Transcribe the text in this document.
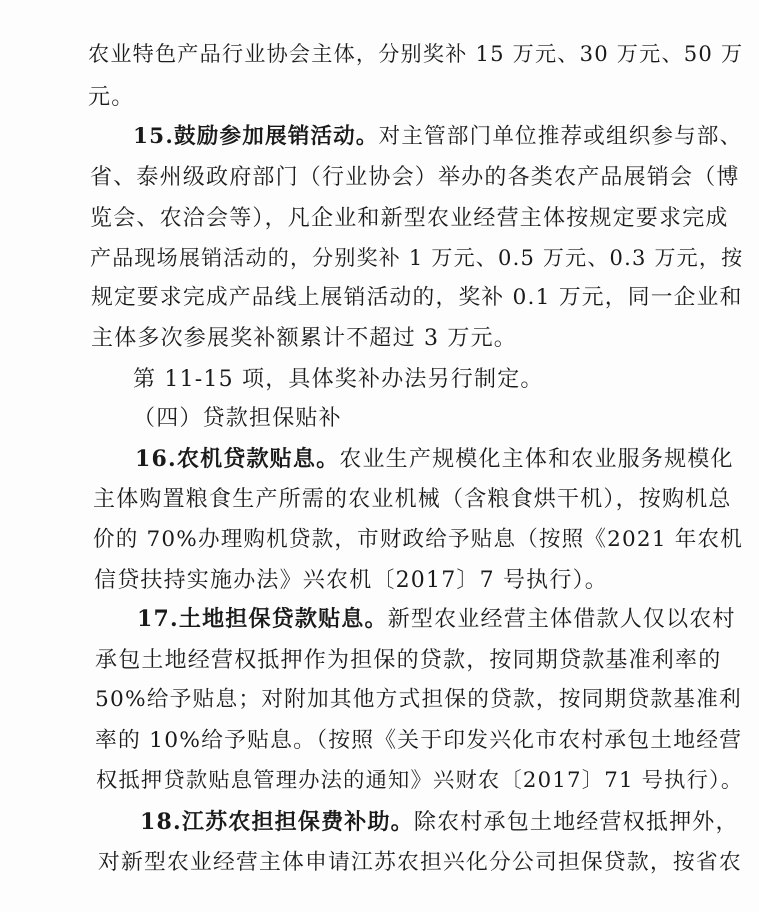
农业特色产品行业协会主体，分别奖补 15 万元、30 万元、50 万
元。
15.鼓励参加展销活动。对主管部门单位推荐或组织参与部、
省、泰州级政府部门（行业协会）举办的各类农产品展销会（博
览会、农洽会等），凡企业和新型农业经营主体按规定要求完成
产品现场展销活动的，分别奖补 1 万元、0.5 万元、0.3 万元，按
规定要求完成产品线上展销活动的，奖补 0.1 万元，同一企业和
主体多次参展奖补额累计不超过 3 万元。
第 11-15 项，具体奖补办法另行制定。
（四）贷款担保贴补
16.农机贷款贴息。农业生产规模化主体和农业服务规模化
主体购置粮食生产所需的农业机械（含粮食烘干机），按购机总
价的 70%办理购机贷款，市财政给予贴息（按照《2021 年农机
信贷扶持实施办法》兴农机〔2017〕7 号执行）。
17.土地担保贷款贴息。新型农业经营主体借款人仅以农村
承包土地经营权抵押作为担保的贷款，按同期贷款基准利率的
50%给予贴息；对附加其他方式担保的贷款，按同期贷款基准利
率的 10%给予贴息。（按照《关于印发兴化市农村承包土地经营
权抵押贷款贴息管理办法的通知》兴财农〔2017〕71 号执行）。
18.江苏农担担保费补助。除农村承包土地经营权抵押外，
对新型农业经营主体申请江苏农担兴化分公司担保贷款，按省农
